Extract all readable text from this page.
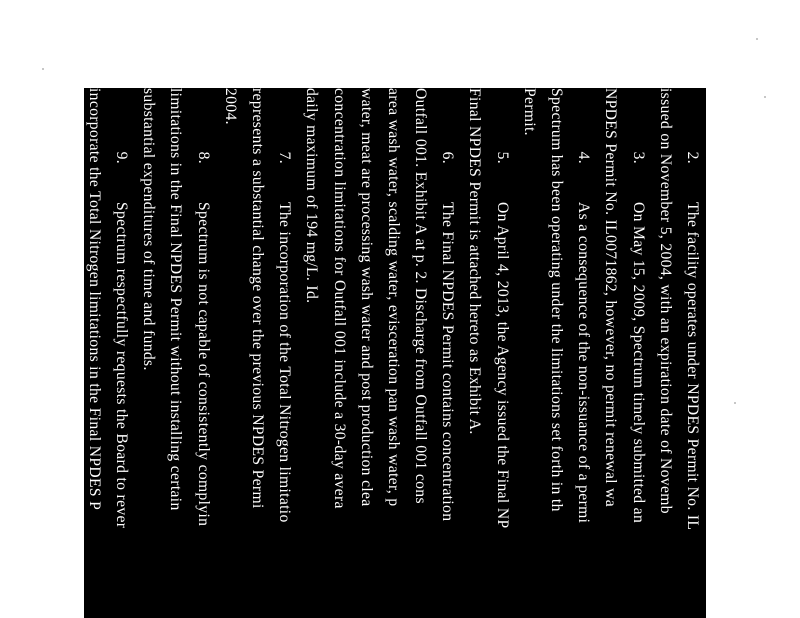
2.The facility operates under NPDES Permit No. IL
issued on November 5, 2004, with an expiration date of Novemb
3.On May 15, 2009, Spectrum timely submitted an
NPDES Permit No. IL0071862, however, no permit renewal wa
4.As a consequence of the non-issuance of a permi
Spectrum has been operating under the limitations set forth in th
Permit.
5.On April 4, 2013, the Agency issued the Final NP
Final NPDES Permit is attached hereto as Exhibit A.
6.The Final NPDES Permit contains concentration
Outfall 001. Exhibit A at p. 2. Discharge from Outfall 001 cons
area wash water, scalding water, evisceration pan wash water, p
water, meat are processing wash water and post production clea
concentration limitations for Outfall 001 include a 30-day avera
daily maximum of 194 mg/L. Id.
7.The incorporation of the Total Nitrogen limitatio
represents a substantial change over the previous NPDES Permi
2004.
8.Spectrum is not capable of consistently complyin
limitations in the Final NPDES Permit without installing certain
substantial expenditures of time and funds.
9.Spectrum respectfully requests the Board to rever
incorporate the Total Nitrogen limitations in the Final NPDES P
